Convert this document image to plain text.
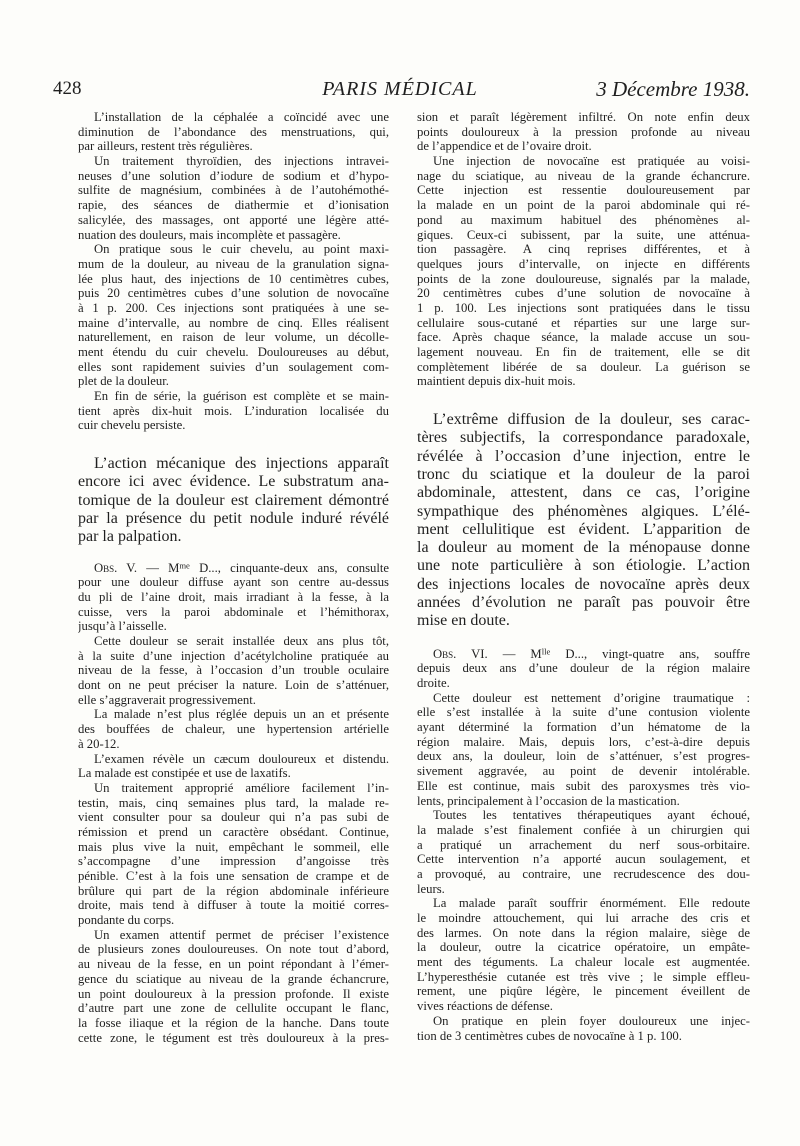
428	PARIS MÉDICAL	3 Décembre 1938.
L’installation de la céphalée a coïncidé avec une
diminution de l’abondance des menstruations, qui,
par ailleurs, restent très régulières.
Un traitement thyroïdien, des injections intravei-
neuses d’une solution d’iodure de sodium et d’hypo-
sulfite de magnésium, combinées à de l’autohémothé-
rapie, des séances de diathermie et d’ionisation
salicylée, des massages, ont apporté une légère atté-
nuation des douleurs, mais incomplète et passagère.
On pratique sous le cuir chevelu, au point maxi-
mum de la douleur, au niveau de la granulation signa-
lée plus haut, des injections de 10 centimètres cubes,
puis 20 centimètres cubes d’une solution de novocaïne
à 1 p. 200. Ces injections sont pratiquées à une se-
maine d’intervalle, au nombre de cinq. Elles réalisent
naturellement, en raison de leur volume, un décolle-
ment étendu du cuir chevelu. Douloureuses au début,
elles sont rapidement suivies d’un soulagement com-
plet de la douleur.
En fin de série, la guérison est complète et se main-
tient après dix-huit mois. L’induration localisée du
cuir chevelu persiste.
L’action mécanique des injections apparaît
encore ici avec évidence. Le substratum ana-
tomique de la douleur est clairement démontré
par la présence du petit nodule induré révélé
par la palpation.
Obs. V. — $M^{me}$ D..., cinquante-deux ans, consulte
pour une douleur diffuse ayant son centre au-dessus
du pli de l’aine droit, mais irradiant à la fesse, à la
cuisse, vers la paroi abdominale et l’hémithorax,
jusqu’à l’aisselle.
Cette douleur se serait installée deux ans plus tôt,
à la suite d’une injection d’acétylcholine pratiquée au
niveau de la fesse, à l’occasion d’un trouble oculaire
dont on ne peut préciser la nature. Loin de s’atténuer,
elle s’aggraverait progressivement.
La malade n’est plus réglée depuis un an et présente
des bouffées de chaleur, une hypertension artérielle
à 20-12.
L’examen révèle un cæcum douloureux et distendu.
La malade est constipée et use de laxatifs.
Un traitement approprié améliore facilement l’in-
testin, mais, cinq semaines plus tard, la malade re-
vient consulter pour sa douleur qui n’a pas subi de
rémission et prend un caractère obsédant. Continue,
mais plus vive la nuit, empêchant le sommeil, elle
s’accompagne d’une impression d’angoisse très
pénible. C’est à la fois une sensation de crampe et de
brûlure qui part de la région abdominale inférieure
droite, mais tend à diffuser à toute la moitié corres-
pondante du corps.
Un examen attentif permet de préciser l’existence
de plusieurs zones douloureuses. On note tout d’abord,
au niveau de la fesse, en un point répondant à l’émer-
gence du sciatique au niveau de la grande échancrure,
un point douloureux à la pression profonde. Il existe
d’autre part une zone de cellulite occupant le flanc,
la fosse iliaque et la région de la hanche. Dans toute
cette zone, le tégument est très douloureux à la pres-
sion et paraît légèrement infiltré. On note enfin deux
points douloureux à la pression profonde au niveau
de l’appendice et de l’ovaire droit.
Une injection de novocaïne est pratiquée au voisi-
nage du sciatique, au niveau de la grande échancrure.
Cette injection est ressentie douloureusement par
la malade en un point de la paroi abdominale qui ré-
pond au maximum habituel des phénomènes al-
giques. Ceux-ci subissent, par la suite, une atténua-
tion passagère. A cinq reprises différentes, et à
quelques jours d’intervalle, on injecte en différents
points de la zone douloureuse, signalés par la malade,
20 centimètres cubes d’une solution de novocaïne à
1 p. 100. Les injections sont pratiquées dans le tissu
cellulaire sous-cutané et réparties sur une large sur-
face. Après chaque séance, la malade accuse un sou-
lagement nouveau. En fin de traitement, elle se dit
complètement libérée de sa douleur. La guérison se
maintient depuis dix-huit mois.
L’extrême diffusion de la douleur, ses carac-
tères subjectifs, la correspondance paradoxale,
révélée à l’occasion d’une injection, entre le
tronc du sciatique et la douleur de la paroi
abdominale, attestent, dans ce cas, l’origine
sympathique des phénomènes algiques. L’élé-
ment cellulitique est évident. L’apparition de
la douleur au moment de la ménopause donne
une note particulière à son étiologie. L’action
des injections locales de novocaïne après deux
années d’évolution ne paraît pas pouvoir être
mise en doute.
Obs. VI. — $M^{lle}$ D..., vingt-quatre ans, souffre
depuis deux ans d’une douleur de la région malaire
droite.
Cette douleur est nettement d’origine traumatique :
elle s’est installée à la suite d’une contusion violente
ayant déterminé la formation d’un hématome de la
région malaire. Mais, depuis lors, c’est-à-dire depuis
deux ans, la douleur, loin de s’atténuer, s’est progres-
sivement aggravée, au point de devenir intolérable.
Elle est continue, mais subit des paroxysmes très vio-
lents, principalement à l’occasion de la mastication.
Toutes les tentatives thérapeutiques ayant échoué,
la malade s’est finalement confiée à un chirurgien qui
a pratiqué un arrachement du nerf sous-orbitaire.
Cette intervention n’a apporté aucun soulagement, et
a provoqué, au contraire, une recrudescence des dou-
leurs.
La malade paraît souffrir énormément. Elle redoute
le moindre attouchement, qui lui arrache des cris et
des larmes. On note dans la région malaire, siège de
la douleur, outre la cicatrice opératoire, un empâte-
ment des téguments. La chaleur locale est augmentée.
L’hyperesthésie cutanée est très vive ; le simple effleu-
rement, une piqûre légère, le pincement éveillent de
vives réactions de défense.
On pratique en plein foyer douloureux une injec-
tion de 3 centimètres cubes de novocaïne à 1 p. 100.
